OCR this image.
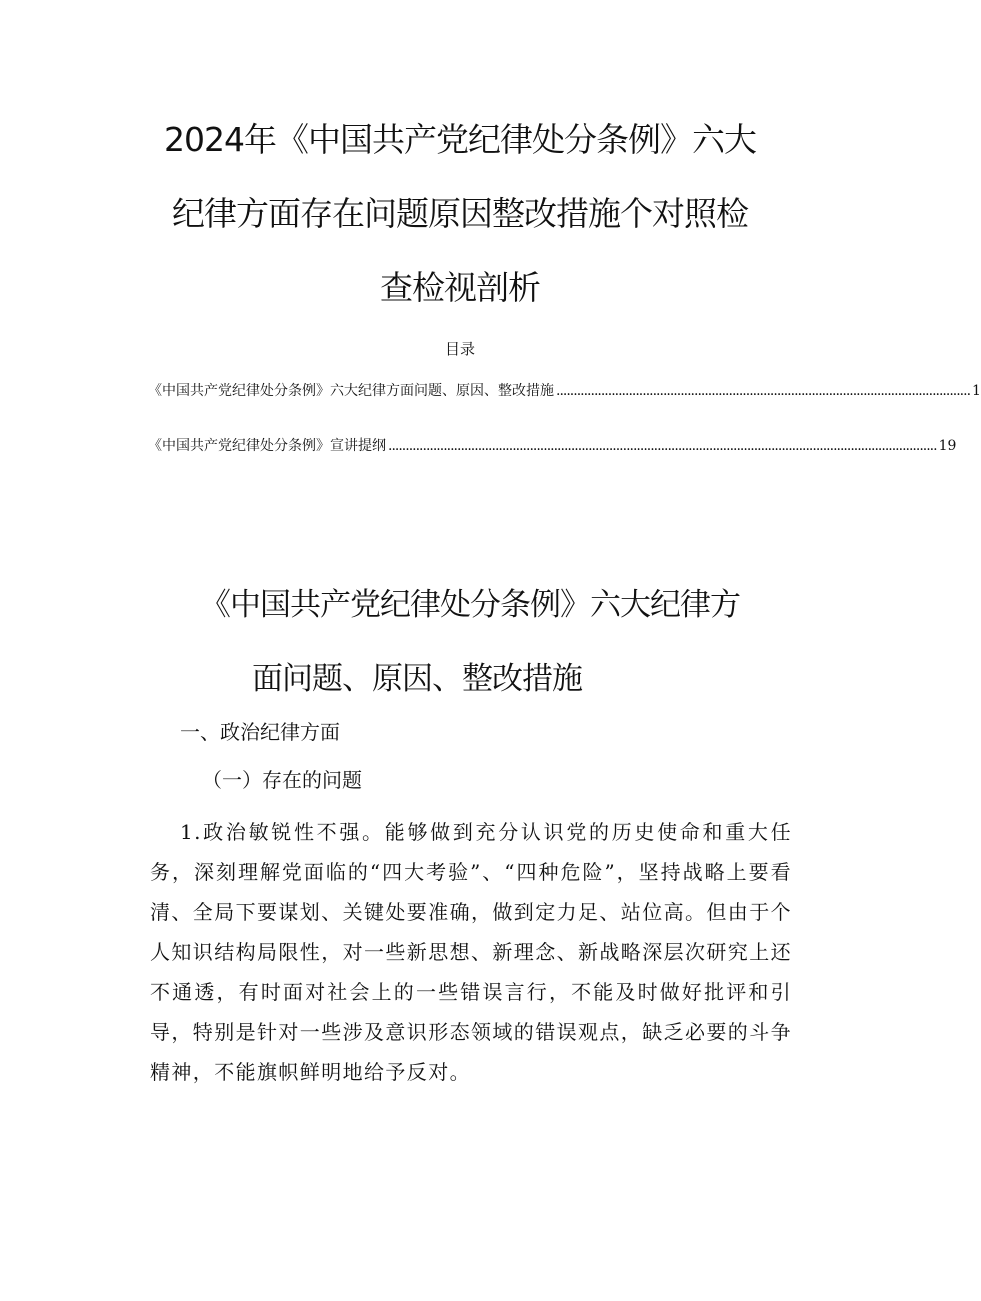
2024年《中国共产党纪律处分条例》六大
纪律方面存在问题原因整改措施个对照检
查检视剖析
目录
《中国共产党纪律处分条例》六大纪律方面问题、原因、整改措施 ........................................................................................................................ 1
《中国共产党纪律处分条例》宣讲提纲 ............................................................................................................................................................... 19
《中国共产党纪律处分条例》六大纪律方
面问题、原因、整改措施
一、政治纪律方面
（一）存在的问题

1.政治敏锐性不强。能够做到充分认识党的历史使命和重大任务，深刻理解党面临的“四大考验”、“四种危险”，坚持战略上要看清、全局下要谋划、关键处要准确，做到定力足、站位高。但由于个人知识结构局限性，对一些新思想、新理念、新战略深层次研究上还不通透，有时面对社会上的一些错误言行，不能及时做好批评和引导，特别是针对一些涉及意识形态领域的错误观点，缺乏必要的斗争精神，不能旗帜鲜明地给予反对。
